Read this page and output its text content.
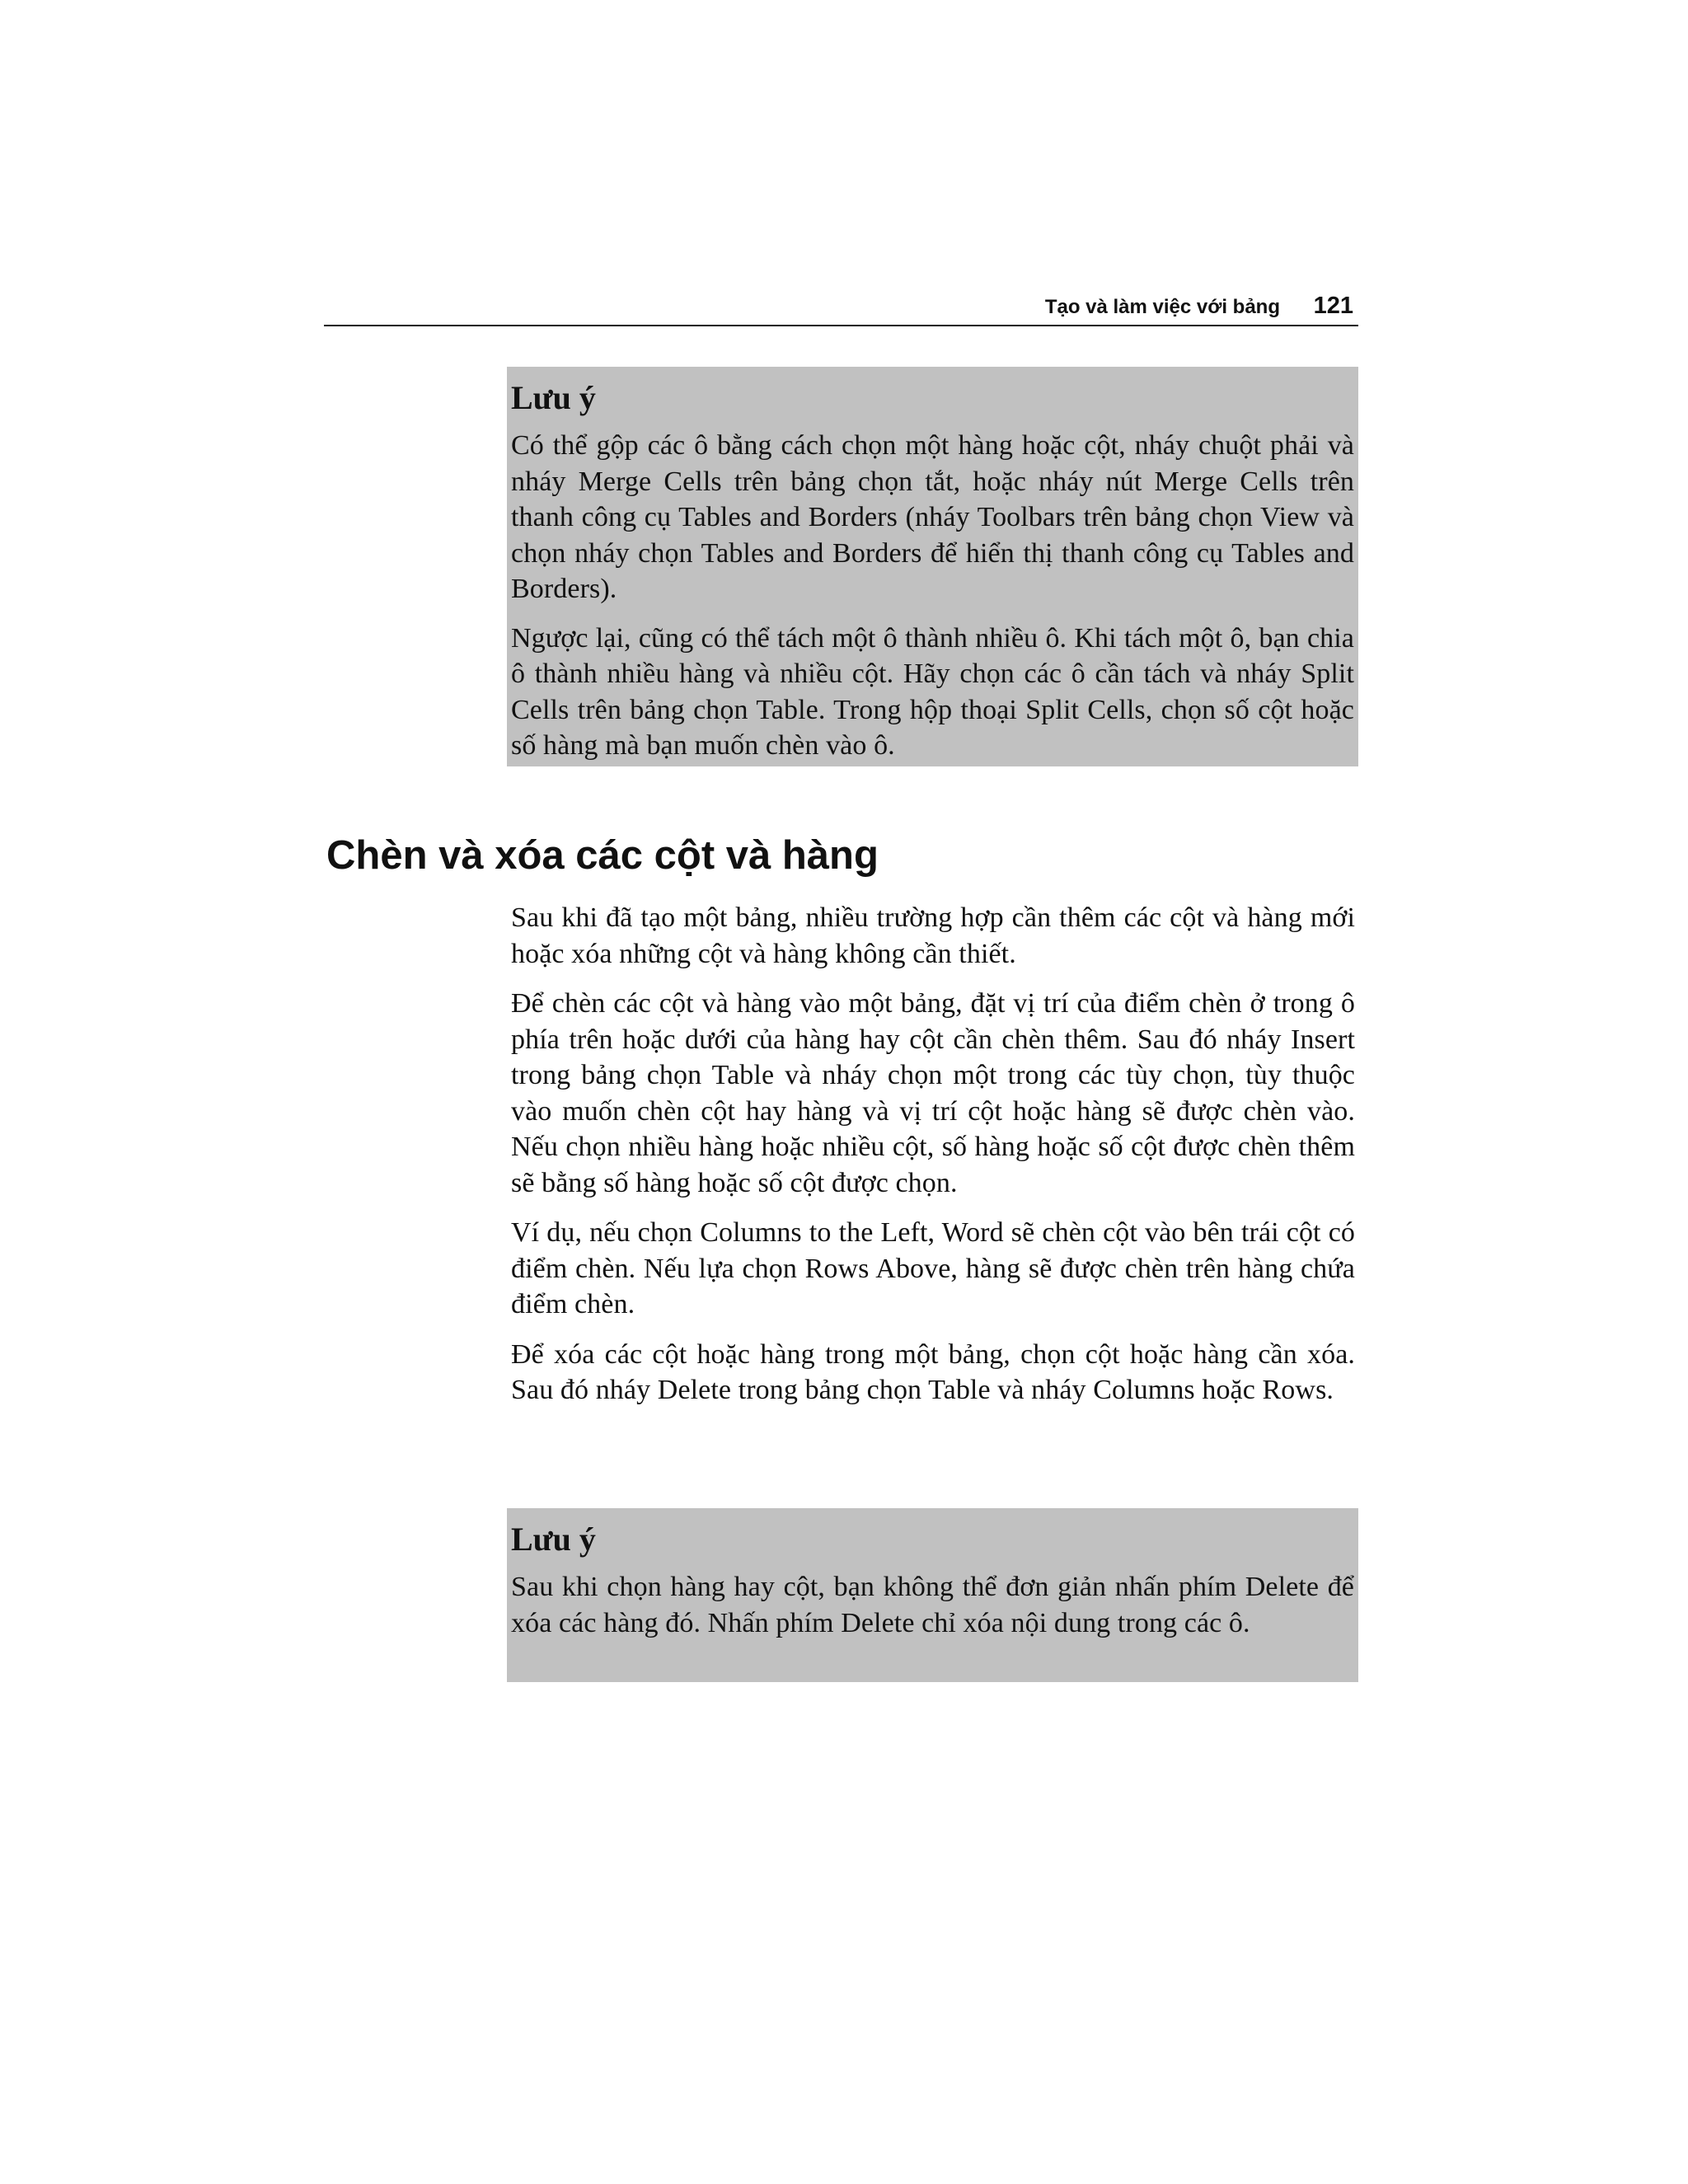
Tạo và làm việc với bảng 121
Lưu ý

Có thể gộp các ô bằng cách chọn một hàng hoặc cột, nháy chuột phải và nháy Merge Cells trên bảng chọn tắt, hoặc nháy nút Merge Cells trên thanh công cụ Tables and Borders (nháy Toolbars trên bảng chọn View và chọn nháy chọn Tables and Borders để hiển thị thanh công cụ Tables and Borders).

Ngược lại, cũng có thể tách một ô thành nhiều ô. Khi tách một ô, bạn chia ô thành nhiều hàng và nhiều cột. Hãy chọn các ô cần tách và nháy Split Cells trên bảng chọn Table. Trong hộp thoại Split Cells, chọn số cột hoặc số hàng mà bạn muốn chèn vào ô.

Chèn và xóa các cột và hàng

Sau khi đã tạo một bảng, nhiều trường hợp cần thêm các cột và hàng mới hoặc xóa những cột và hàng không cần thiết.

Để chèn các cột và hàng vào một bảng, đặt vị trí của điểm chèn ở trong ô phía trên hoặc dưới của hàng hay cột cần chèn thêm. Sau đó nháy Insert trong bảng chọn Table và nháy chọn một trong các tùy chọn, tùy thuộc vào muốn chèn cột hay hàng và vị trí cột hoặc hàng sẽ được chèn vào. Nếu chọn nhiều hàng hoặc nhiều cột, số hàng hoặc số cột được chèn thêm sẽ bằng số hàng hoặc số cột được chọn.

Ví dụ, nếu chọn Columns to the Left, Word sẽ chèn cột vào bên trái cột có điểm chèn. Nếu lựa chọn Rows Above, hàng sẽ được chèn trên hàng chứa điểm chèn.

Để xóa các cột hoặc hàng trong một bảng, chọn cột hoặc hàng cần xóa. Sau đó nháy Delete trong bảng chọn Table và nháy Columns hoặc Rows.

Lưu ý

Sau khi chọn hàng hay cột, bạn không thể đơn giản nhấn phím Delete để xóa các hàng đó. Nhấn phím Delete chỉ xóa nội dung trong các ô.
